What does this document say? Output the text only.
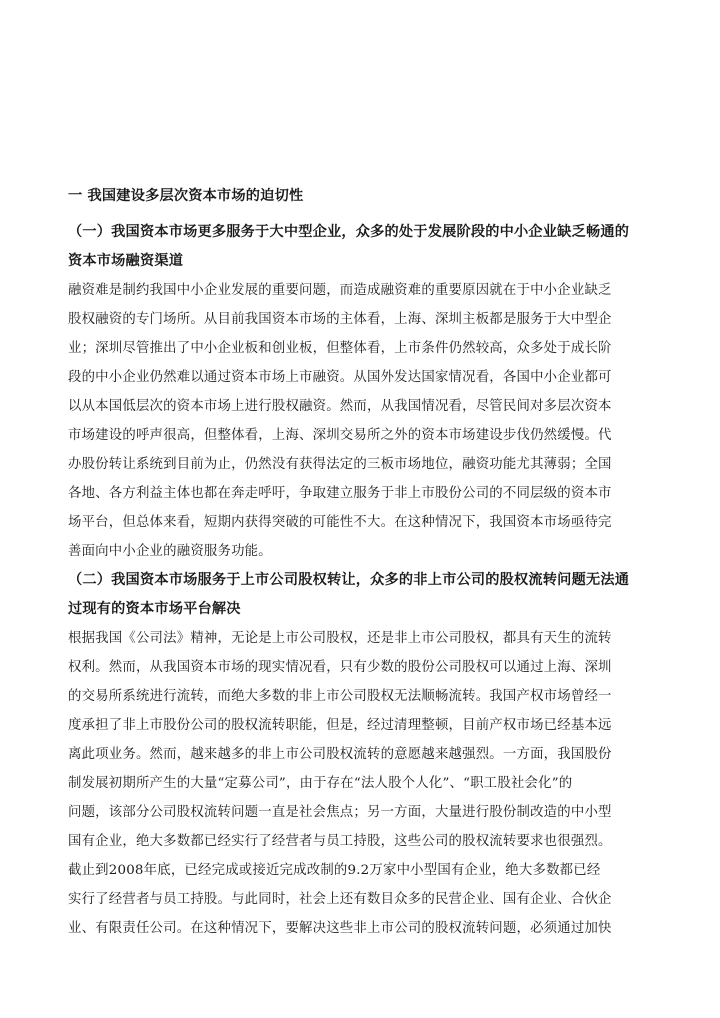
一 我国建设多层次资本市场的迫切性
（一）我国资本市场更多服务于大中型企业，众多的处于发展阶段的中小企业缺乏畅通的
资本市场融资渠道
融资难是制约我国中小企业发展的重要问题，而造成融资难的重要原因就在于中小企业缺乏
股权融资的专门场所。从目前我国资本市场的主体看，上海、深圳主板都是服务于大中型企
业；深圳尽管推出了中小企业板和创业板，但整体看，上市条件仍然较高，众多处于成长阶
段的中小企业仍然难以通过资本市场上市融资。从国外发达国家情况看，各国中小企业都可
以从本国低层次的资本市场上进行股权融资。然而，从我国情况看，尽管民间对多层次资本
市场建设的呼声很高，但整体看，上海、深圳交易所之外的资本市场建设步伐仍然缓慢。代
办股份转让系统到目前为止，仍然没有获得法定的三板市场地位，融资功能尤其薄弱；全国
各地、各方利益主体也都在奔走呼吁，争取建立服务于非上市股份公司的不同层级的资本市
场平台，但总体来看，短期内获得突破的可能性不大。在这种情况下，我国资本市场亟待完
善面向中小企业的融资服务功能。
（二）我国资本市场服务于上市公司股权转让，众多的非上市公司的股权流转问题无法通
过现有的资本市场平台解决
根据我国《公司法》精神，无论是上市公司股权，还是非上市公司股权，都具有天生的流转
权利。然而，从我国资本市场的现实情况看，只有少数的股份公司股权可以通过上海、深圳
的交易所系统进行流转，而绝大多数的非上市公司股权无法顺畅流转。我国产权市场曾经一
度承担了非上市股份公司的股权流转职能，但是，经过清理整顿，目前产权市场已经基本远
离此项业务。然而，越来越多的非上市公司股权流转的意愿越来越强烈。一方面，我国股份
制发展初期所产生的大量“定募公司”，由于存在“法人股个人化”、“职工股社会化”的
问题，该部分公司股权流转问题一直是社会焦点；另一方面，大量进行股份制改造的中小型
国有企业，绝大多数都已经实行了经营者与员工持股，这些公司的股权流转要求也很强烈。
截止到2008年底，已经完成或接近完成改制的9.2万家中小型国有企业，绝大多数都已经
实行了经营者与员工持股。与此同时，社会上还有数目众多的民营企业、国有企业、合伙企
业、有限责任公司。在这种情况下，要解决这些非上市公司的股权流转问题，必须通过加快
